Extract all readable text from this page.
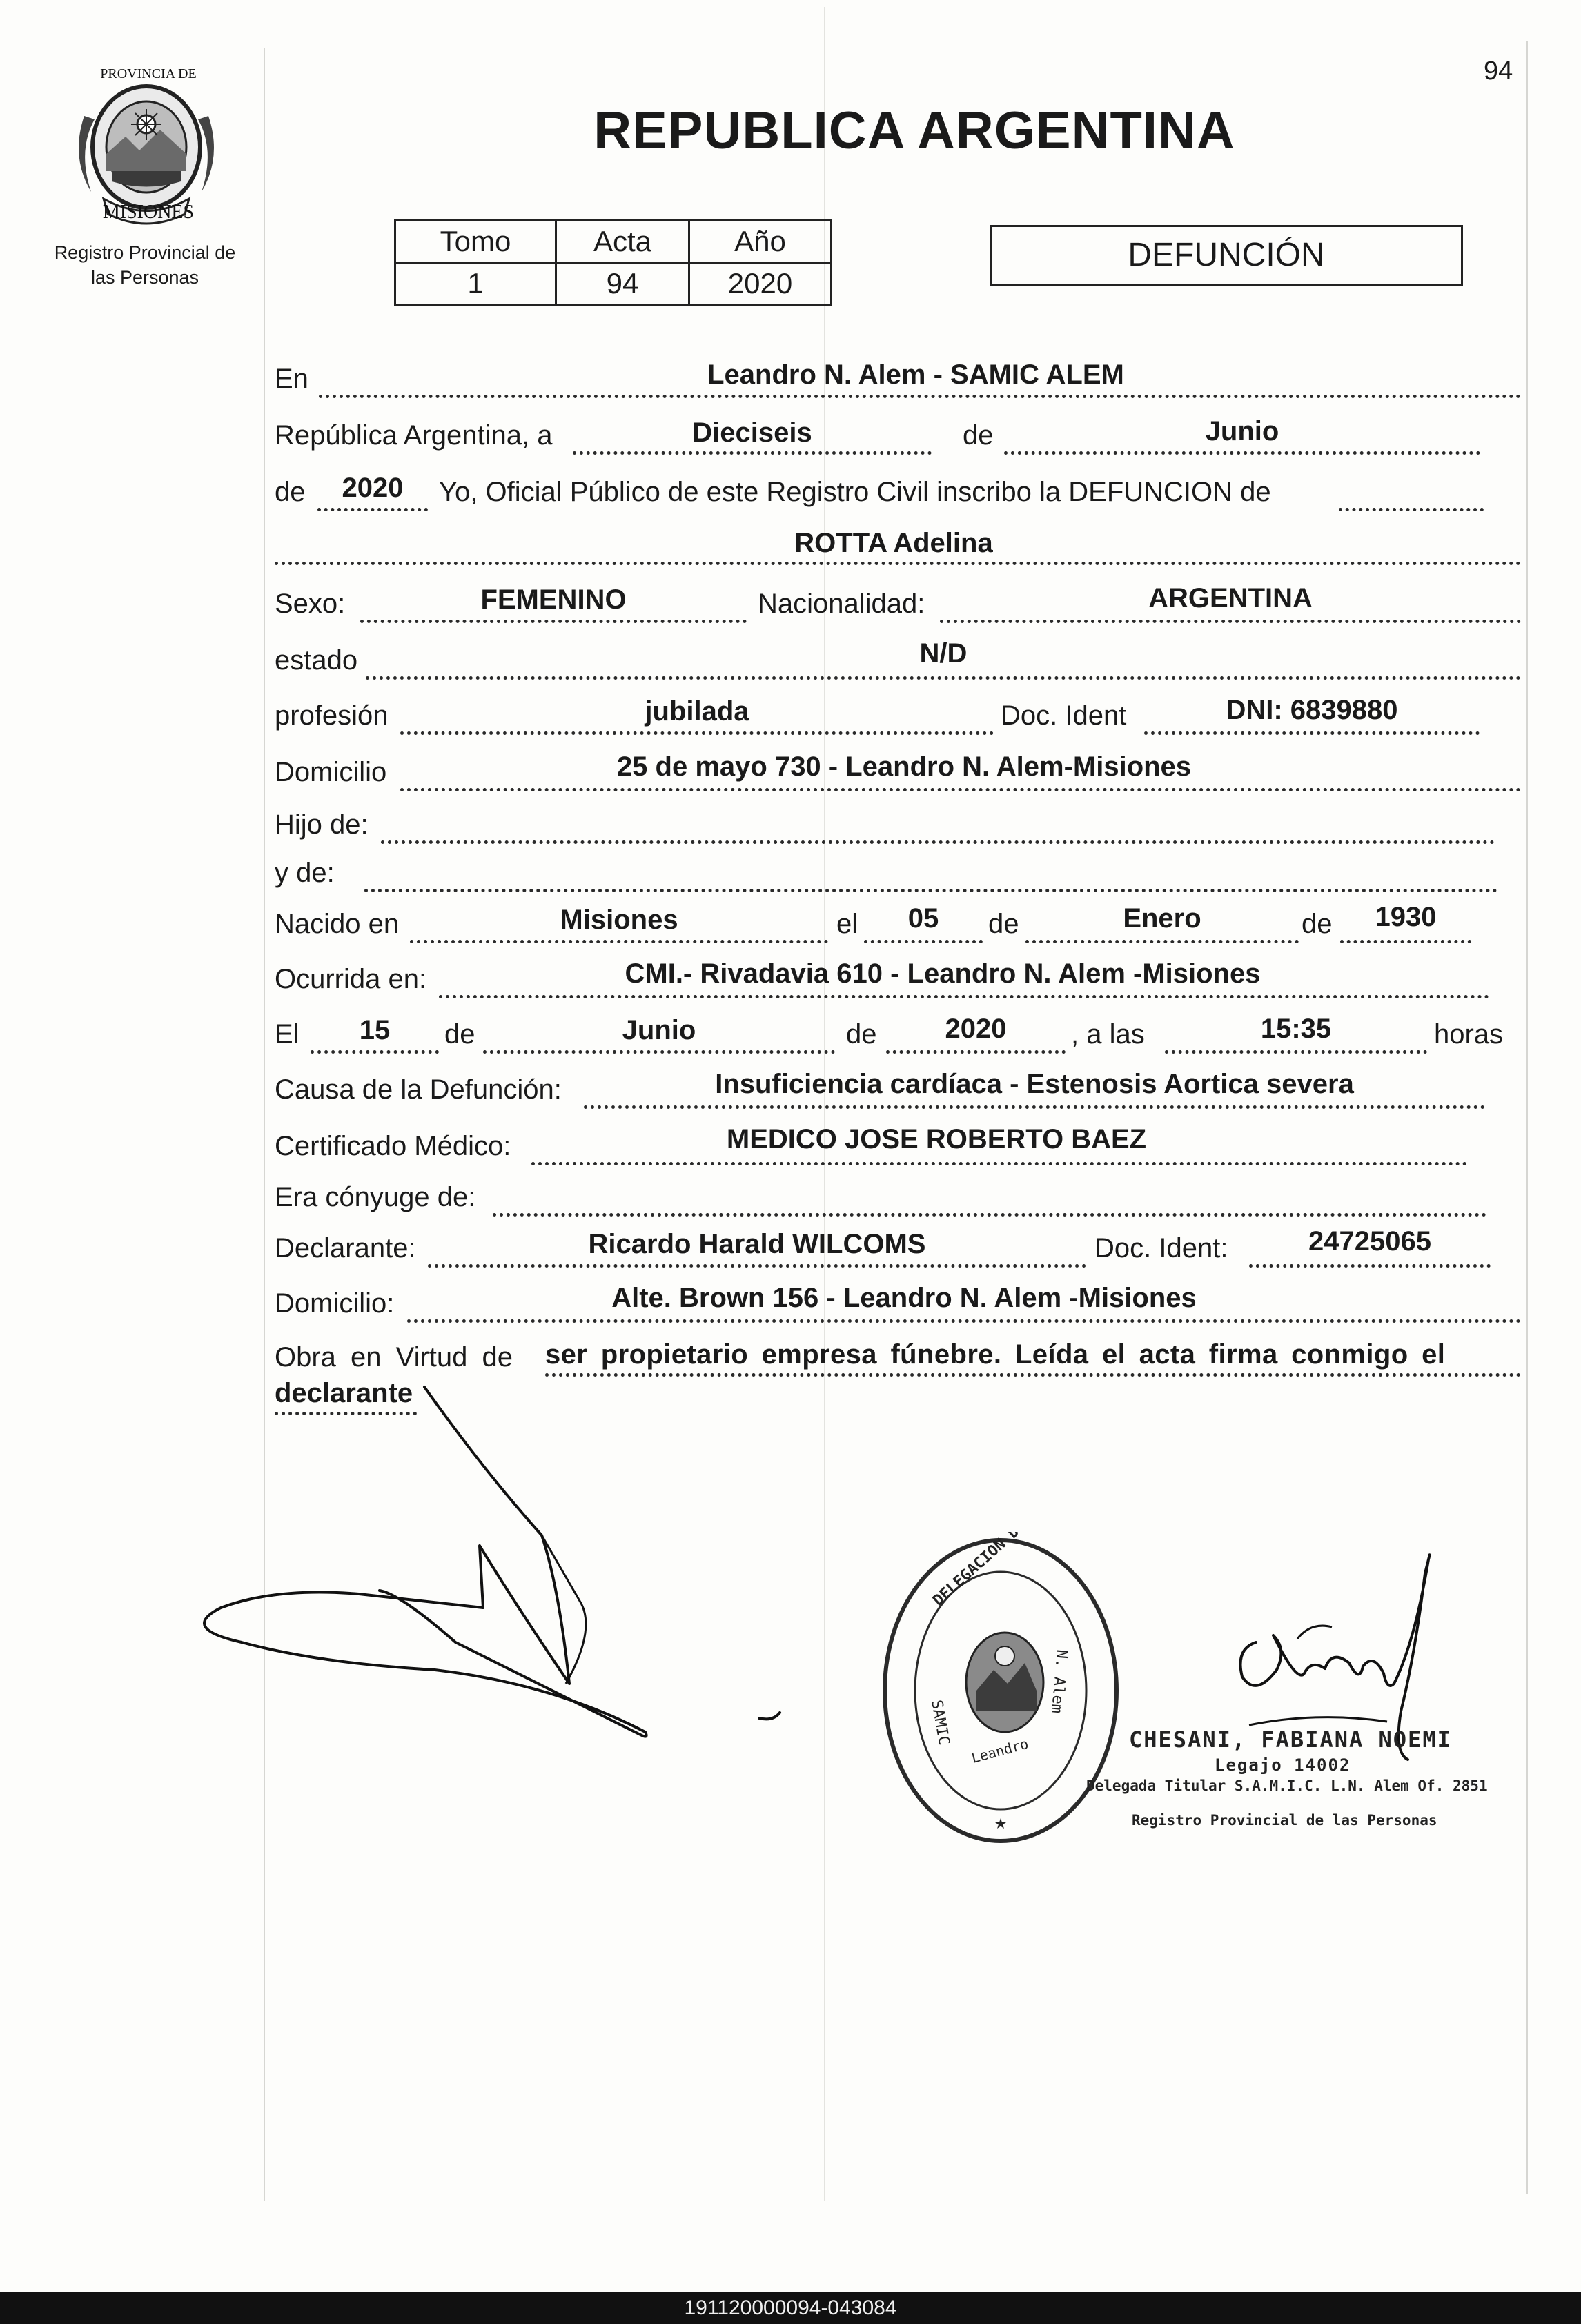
94
PROVINCIA DE
MISIONES
Registro Provincial de
las Personas
REPUBLICA ARGENTINA
Tomo	Acta	Año
1	94	2020
DEFUNCIÓN
En	Leandro N. Alem - SAMIC ALEM
República Argentina, a	Dieciseis	de	Junio
de	2020	Yo, Oficial Público de este Registro Civil inscribo la DEFUNCION de
ROTTA Adelina
Sexo:	FEMENINO	Nacionalidad:	ARGENTINA
estado	N/D
profesión	jubilada	Doc. Ident	DNI: 6839880
Domicilio	25 de mayo 730 - Leandro N. Alem-Misiones
Hijo de:
y de:
Nacido en	Misiones	el	05	de	Enero	de	1930
Ocurrida en:	CMI.- Rivadavia 610 - Leandro N. Alem -Misiones
El	15	de	Junio	de	2020	, a las	15:35	horas
Causa de la Defunción:	Insuficiencia cardíaca - Estenosis Aortica severa
Certificado Médico:	MEDICO JOSE ROBERTO BAEZ
Era cónyuge de:
Declarante:	Ricardo Harald WILCOMS	Doc. Ident:	24725065
Domicilio:	Alte. Brown 156 - Leandro N. Alem -Misiones
Obra en Virtud de ser propietario empresa fúnebre. Leída el acta firma conmigo el
declarante
SAMIC
Leandro
N. Alem
CHESANI, FABIANA NOEMI
Legajo 14002
Delegada Titular S.A.M.I.C. L.N. Alem Of. 2851
Registro Provincial de las Personas
191120000094-043084
